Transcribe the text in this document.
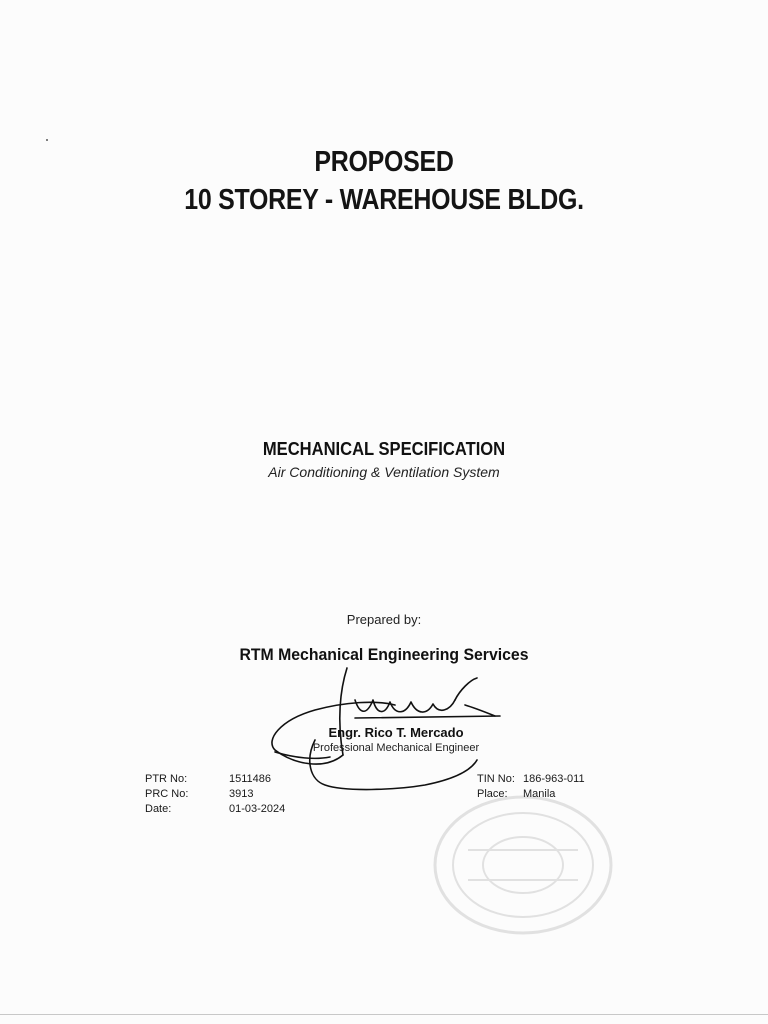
PROPOSED
10 STOREY - WAREHOUSE BLDG.
MECHANICAL SPECIFICATION
Air Conditioning & Ventilation System
Prepared by:
RTM Mechanical Engineering Services
Engr. Rico T. Mercado
Professional Mechanical Engineer
PTR No:	1511486
PRC No:	3913
Date:	01-03-2024
TIN No: 186-963-011
Place:	Manila
